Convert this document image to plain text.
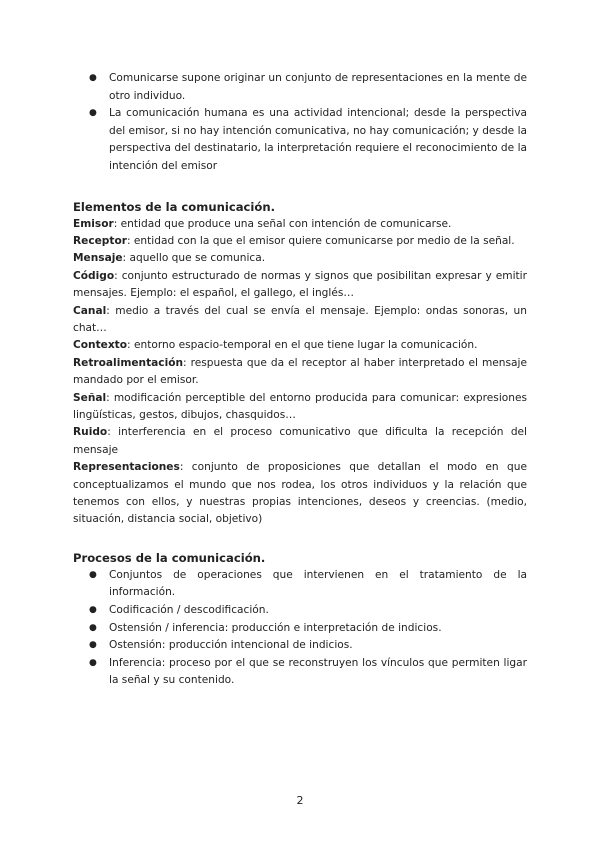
● Comunicarse supone originar un conjunto de representaciones en la mente de otro individuo.
● La comunicación humana es una actividad intencional; desde la perspectiva del emisor, si no hay intención comunicativa, no hay comunicación; y desde la perspectiva del destinatario, la interpretación requiere el reconocimiento de la intención del emisor
Elementos de la comunicación.

Emisor: entidad que produce una señal con intención de comunicarse.

Receptor: entidad con la que el emisor quiere comunicarse por medio de la señal.

Mensaje: aquello que se comunica.

Código: conjunto estructurado de normas y signos que posibilitan expresar y emitir mensajes. Ejemplo: el español, el gallego, el inglés…

Canal: medio a través del cual se envía el mensaje. Ejemplo: ondas sonoras, un chat…

Contexto: entorno espacio-temporal en el que tiene lugar la comunicación.

Retroalimentación: respuesta que da el receptor al haber interpretado el mensaje mandado por el emisor.

Señal: modificación perceptible del entorno producida para comunicar: expresiones lingüísticas, gestos, dibujos, chasquidos…

Ruido: interferencia en el proceso comunicativo que dificulta la recepción del mensaje

Representaciones: conjunto de proposiciones que detallan el modo en que conceptualizamos el mundo que nos rodea, los otros individuos y la relación que tenemos con ellos, y nuestras propias intenciones, deseos y creencias. (medio, situación, distancia social, objetivo)

Procesos de la comunicación.
● Conjuntos de operaciones que intervienen en el tratamiento de la información.
● Codificación / descodificación.
● Ostensión / inferencia: producción e interpretación de indicios.
● Ostensión: producción intencional de indicios.
● Inferencia: proceso por el que se reconstruyen los vínculos que permiten ligar la señal y su contenido.
2
